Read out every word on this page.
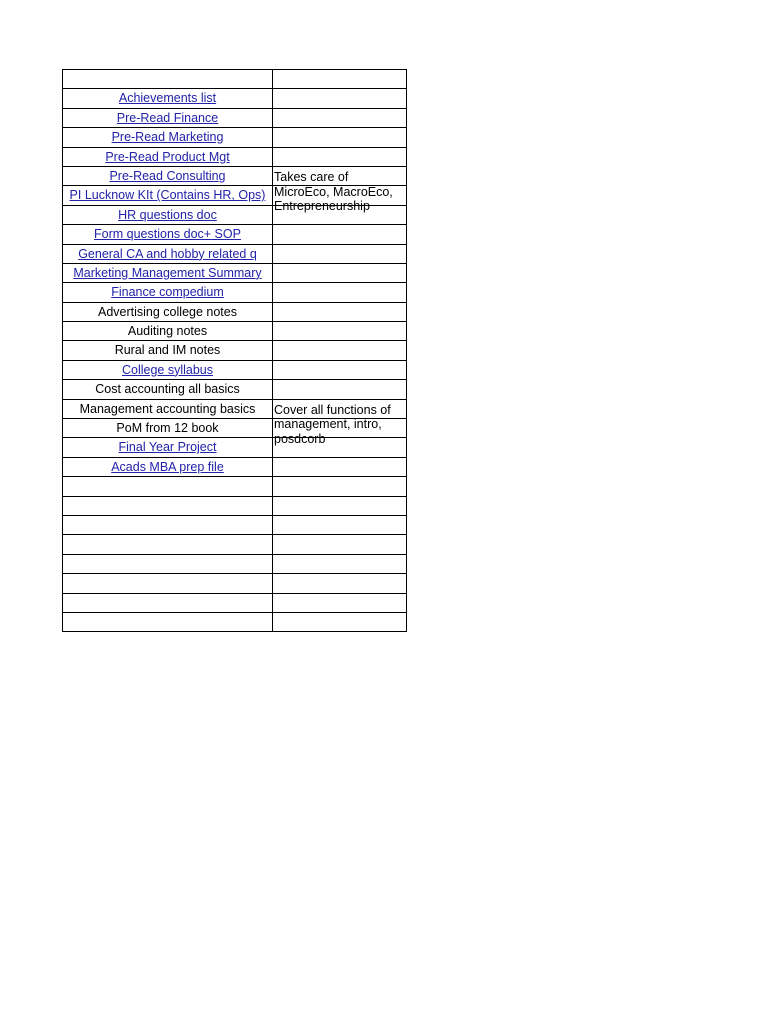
Achievements list
Pre-Read Finance
Pre-Read Marketing
Pre-Read Product Mgt
Pre-Read Consulting	Takes care of
MicroEco, MacroEco,
Entrepreneurship
PI Lucknow KIt (Contains HR, Ops)
HR questions doc
Form questions doc+ SOP
General CA and hobby related q
Marketing Management Summary
Finance compedium
Advertising college notes
Auditing notes
Rural and IM notes
College syllabus
Cost accounting all basics
Management accounting basics	Cover all functions of
management, intro,
posdcorb
PoM from 12 book
Final Year Project
Acads MBA prep file
